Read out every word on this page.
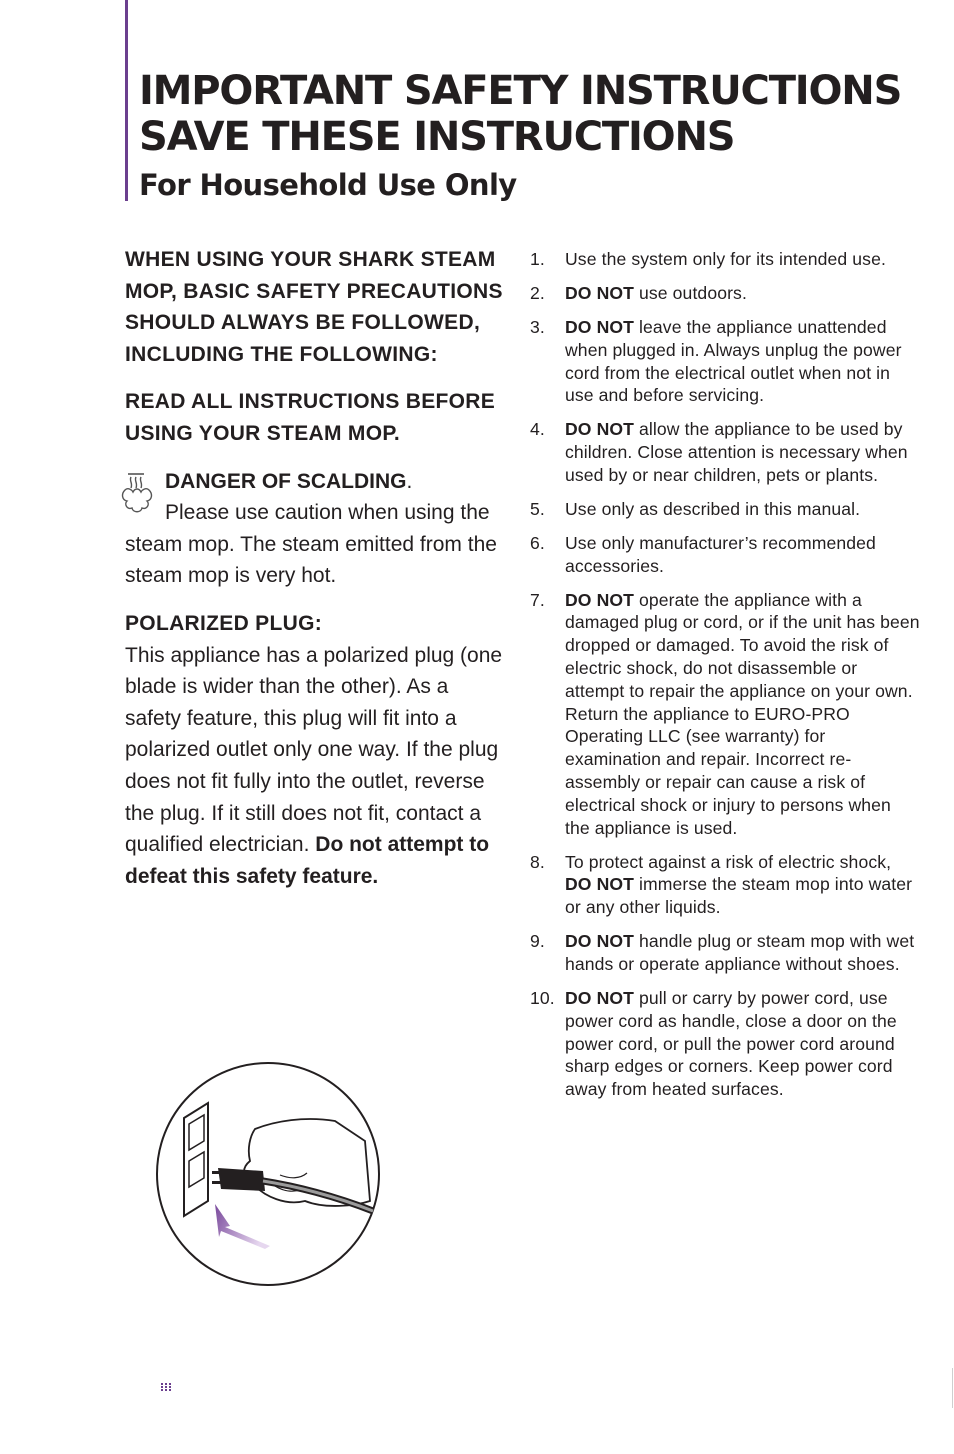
IMPORTANT SAFETY INSTRUCTIONS
SAVE THESE INSTRUCTIONS
For Household Use Only

WHEN USING YOUR SHARK STEAM MOP, BASIC SAFETY PRECAUTIONS SHOULD ALWAYS BE FOLLOWED, INCLUDING THE FOLLOWING:

READ ALL INSTRUCTIONS BEFORE USING YOUR STEAM MOP.

DANGER OF SCALDING.
Please use caution when using the steam mop. The steam emitted from the steam mop is very hot.

POLARIZED PLUG:
This appliance has a polarized plug (one blade is wider than the other). As a safety feature, this plug will fit into a polarized outlet only one way. If the plug does not fit fully into the outlet, reverse the plug. If it still does not fit, contact a qualified electrician. Do not attempt to defeat this safety feature.

1. Use the system only for its intended use.
2. DO NOT use outdoors.
3. DO NOT leave the appliance unattended when plugged in. Always unplug the power cord from the electrical outlet when not in use and before servicing.
4. DO NOT allow the appliance to be used by children. Close attention is necessary when used by or near children, pets or plants.
5. Use only as described in this manual.
6. Use only manufacturer’s recommended accessories.
7. DO NOT operate the appliance with a damaged plug or cord, or if the unit has been dropped or damaged. To avoid the risk of electric shock, do not disassemble or attempt to repair the appliance on your own. Return the appliance to EURO-PRO Operating LLC (see warranty) for examination and repair. Incorrect re-assembly or repair can cause a risk of electrical shock or injury to persons when the appliance is used.
8. To protect against a risk of electric shock, DO NOT immerse the steam mop into water or any other liquids.
9. DO NOT handle plug or steam mop with wet hands or operate appliance without shoes.
10. DO NOT pull or carry by power cord, use power cord as handle, close a door on the power cord, or pull the power cord around sharp edges or corners. Keep power cord away from heated surfaces.
